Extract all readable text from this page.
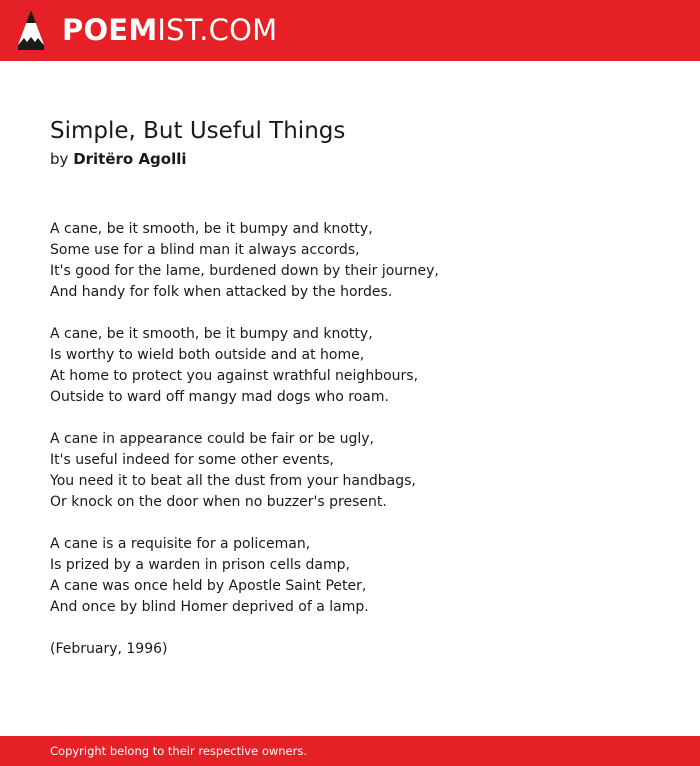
POEMIST.COM
Simple, But Useful Things
by Dritëro Agolli
A cane, be it smooth, be it bumpy and knotty,
Some use for a blind man it always accords,
It's good for the lame, burdened down by their journey,
And handy for folk when attacked by the hordes.
A cane, be it smooth, be it bumpy and knotty,
Is worthy to wield both outside and at home,
At home to protect you against wrathful neighbours,
Outside to ward off mangy mad dogs who roam.
A cane in appearance could be fair or be ugly,
It's useful indeed for some other events,
You need it to beat all the dust from your handbags,
Or knock on the door when no buzzer's present.
A cane is a requisite for a policeman,
Is prized by a warden in prison cells damp,
A cane was once held by Apostle Saint Peter,
And once by blind Homer deprived of a lamp.
(February, 1996)
Copyright belong to their respective owners.
